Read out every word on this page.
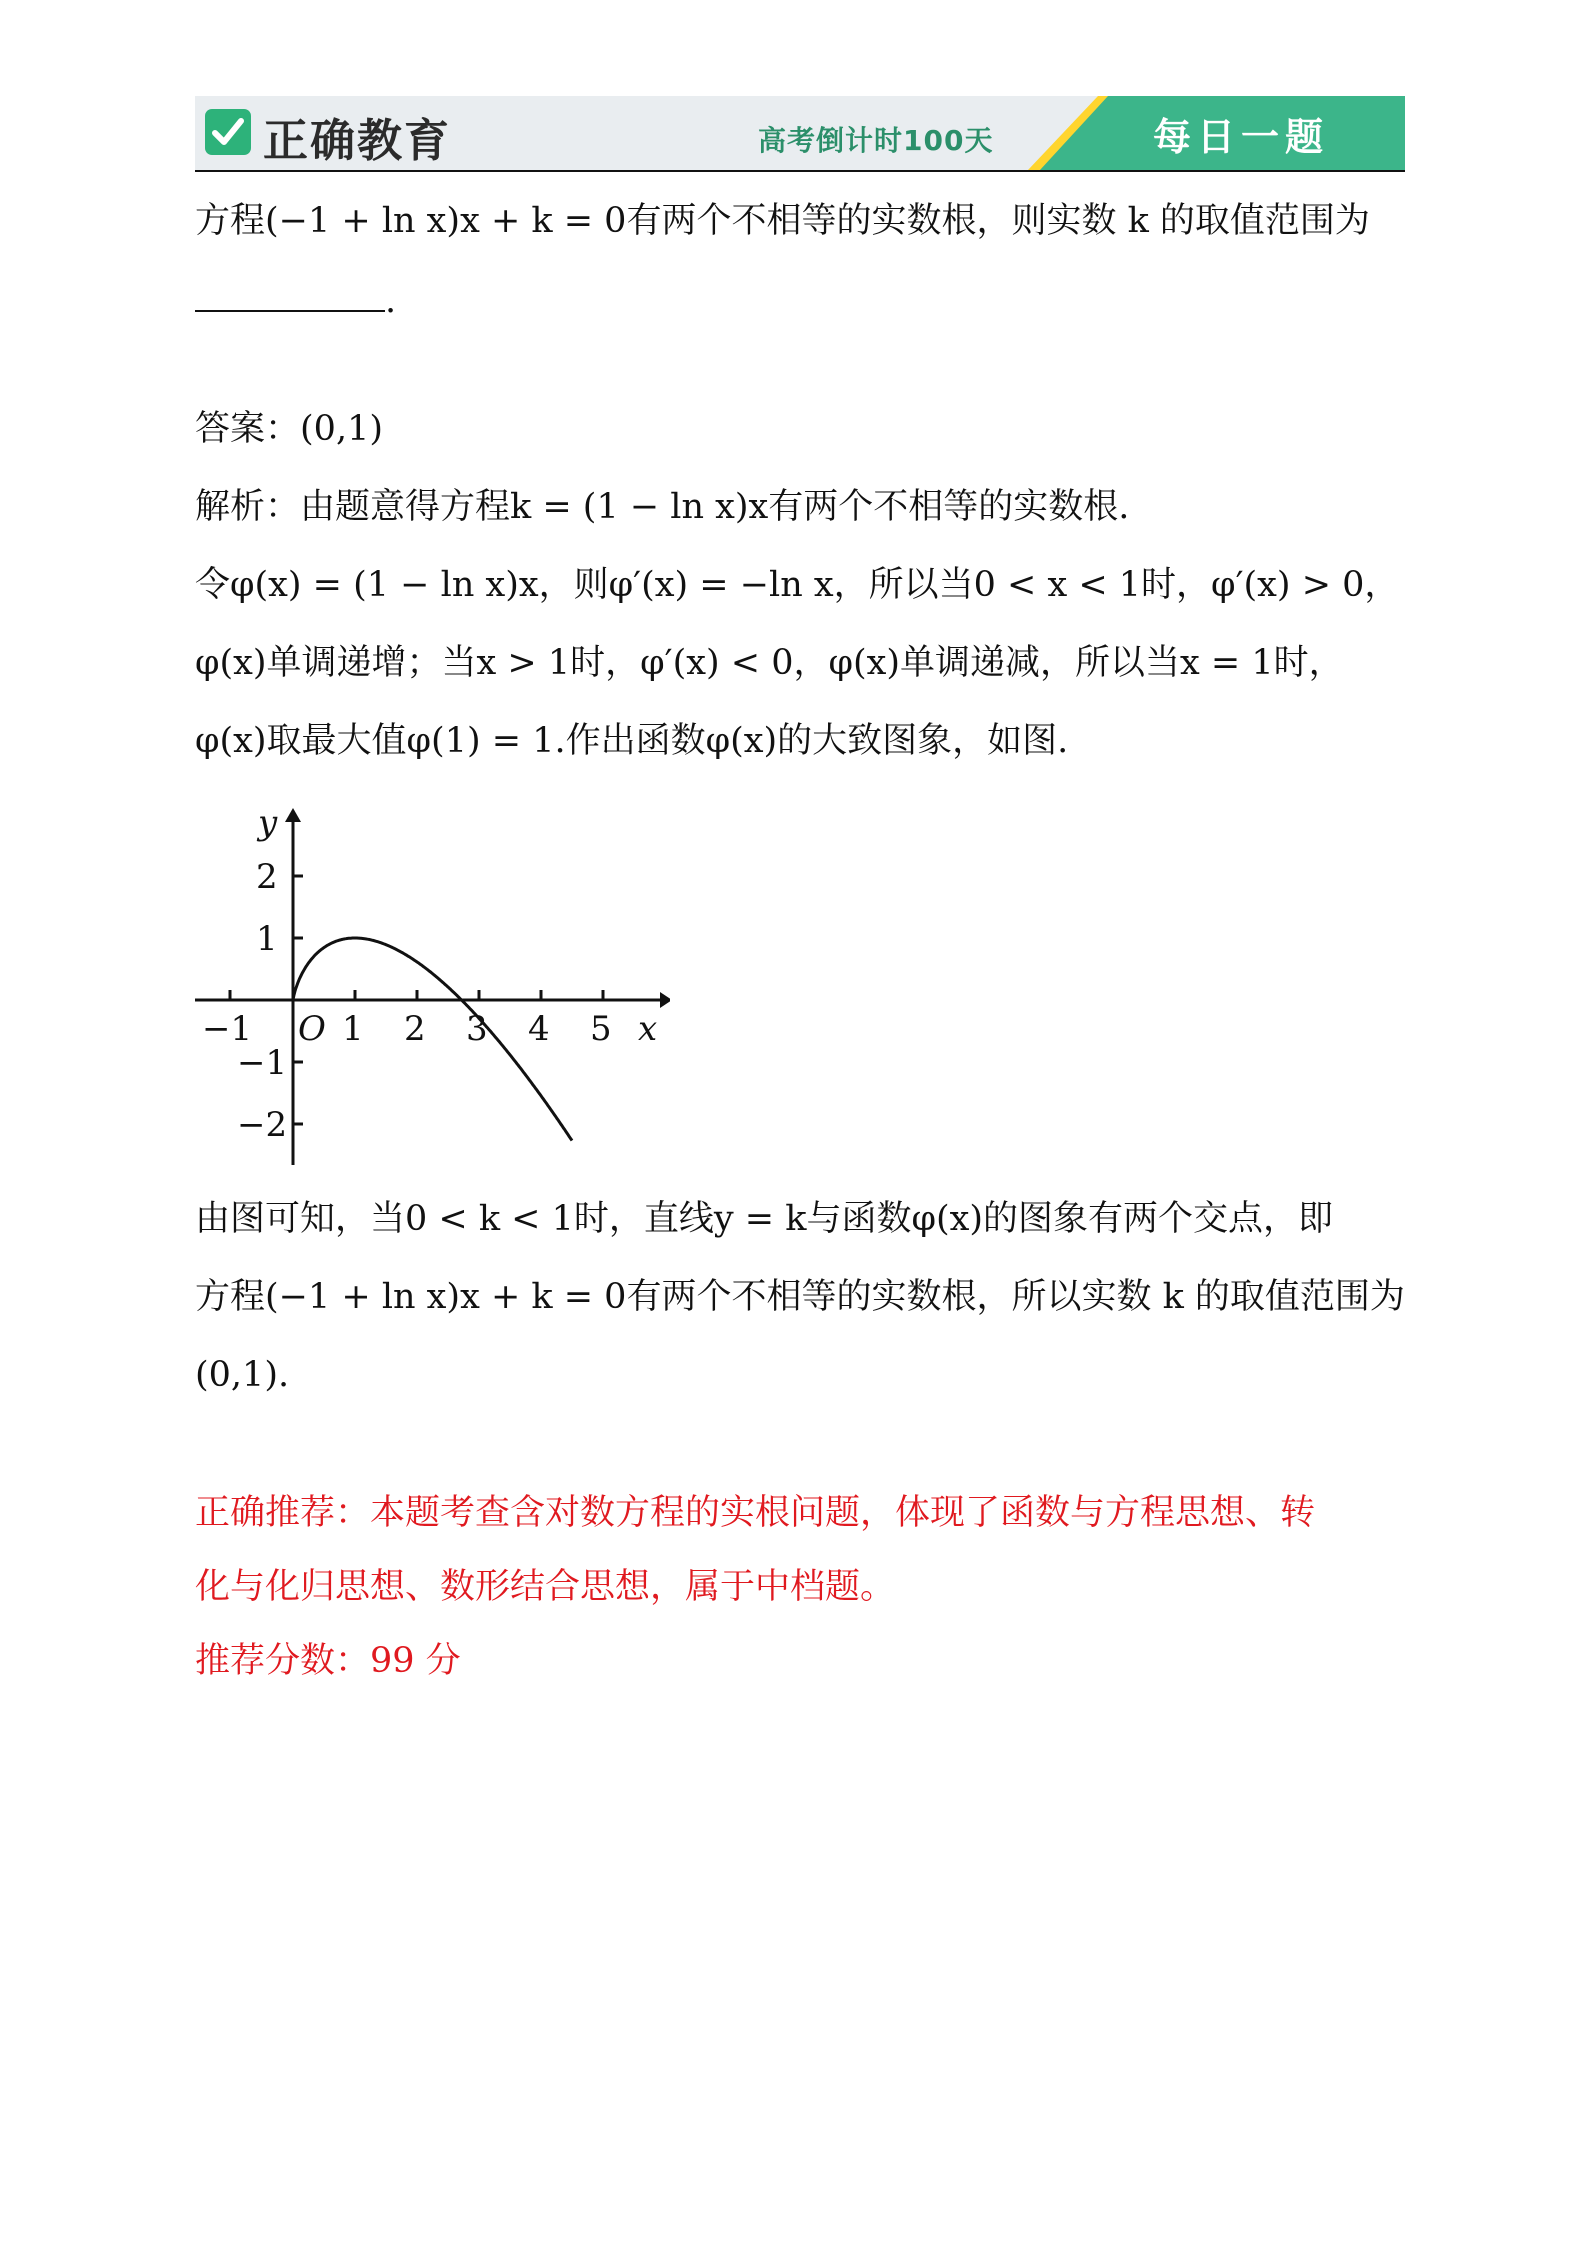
正确教育	高考倒计时100天	每日一题
方程(−1 + ln x)x + k = 0有两个不相等的实数根，则实数 k 的取值范围为
.
答案：(0,1)
解析：由题意得方程k = (1 − ln x)x有两个不相等的实数根.
令φ(x) = (1 − ln x)x，则φ′(x) = −ln x，所以当0 < x < 1时，φ′(x) > 0，
φ(x)单调递增；当x > 1时，φ′(x) < 0，φ(x)单调递减，所以当x = 1时，
φ(x)取最大值φ(1) = 1.作出函数φ(x)的大致图象，如图.
y
x
O
−1	1 2 3 4 5
2
1
−1
−2
由图可知，当0 < k < 1时，直线y = k与函数φ(x)的图象有两个交点，即
方程(−1 + ln x)x + k = 0有两个不相等的实数根，所以实数 k 的取值范围为
(0,1).
正确推荐：本题考查含对数方程的实根问题，体现了函数与方程思想、转
化与化归思想、数形结合思想，属于中档题。
推荐分数：99 分
